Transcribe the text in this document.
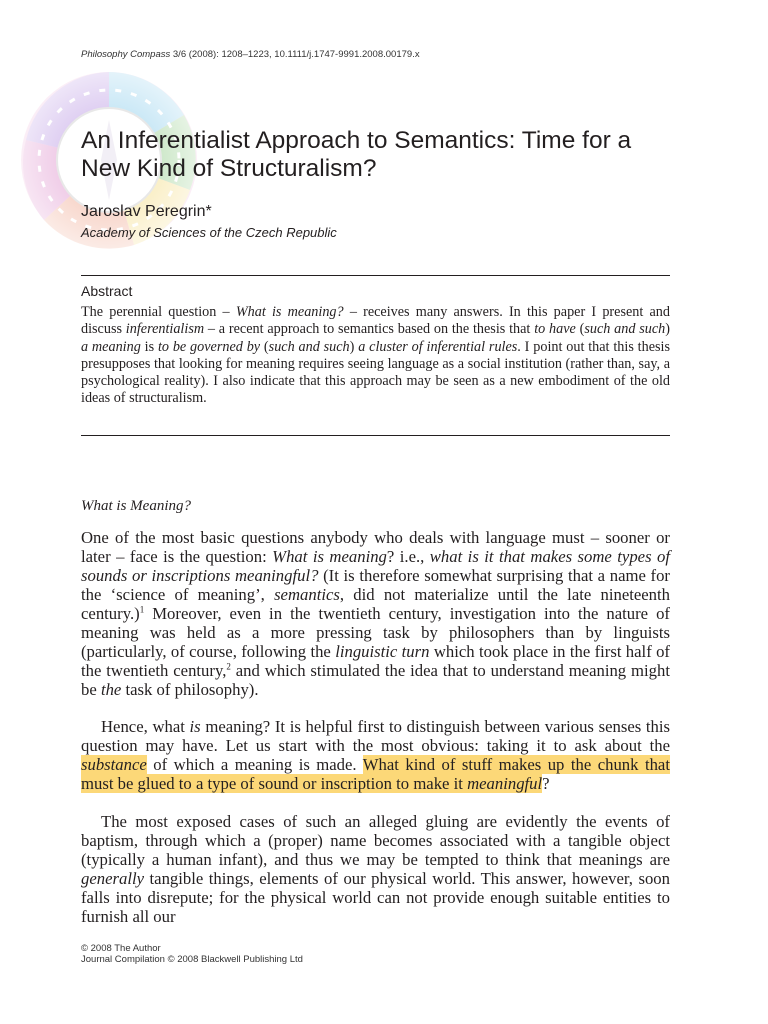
Philosophy Compass 3/6 (2008): 1208–1223, 10.1111/j.1747-9991.2008.00179.x
An Inferentialist Approach to Semantics: Time for a New Kind of Structuralism?
Jaroslav Peregrin*
Academy of Sciences of the Czech Republic
Abstract

The perennial question – What is meaning? – receives many answers. In this paper I present and discuss inferentialism – a recent approach to semantics based on the thesis that to have (such and such) a meaning is to be governed by (such and such) a cluster of inferential rules. I point out that this thesis presupposes that looking for meaning requires seeing language as a social institution (rather than, say, a psychological reality). I also indicate that this approach may be seen as a new embodiment of the old ideas of structuralism.

What is Meaning?

One of the most basic questions anybody who deals with language must – sooner or later – face is the question: What is meaning? i.e., what is it that makes some types of sounds or inscriptions meaningful? (It is therefore somewhat surprising that a name for the ‘science of meaning’, semantics, did not materialize until the late nineteenth century.)$^1$ Moreover, even in the twentieth century, investigation into the nature of meaning was held as a more pressing task by philosophers than by linguists (particularly, of course, following the linguistic turn which took place in the first half of the twentieth century,$^2$ and which stimulated the idea that to understand meaning might be the task of philosophy).

Hence, what is meaning? It is helpful first to distinguish between various senses this question may have. Let us start with the most obvious: taking it to ask about the substance of which a meaning is made. What kind of stuff makes up the chunk that must be glued to a type of sound or inscription to make it meaningful?

The most exposed cases of such an alleged gluing are evidently the events of baptism, through which a (proper) name becomes associated with a tangible object (typically a human infant), and thus we may be tempted to think that meanings are generally tangible things, elements of our physical world. This answer, however, soon falls into disrepute; for the physical world can not provide enough suitable entities to furnish all our

© 2008 The Author
Journal Compilation © 2008 Blackwell Publishing Ltd
